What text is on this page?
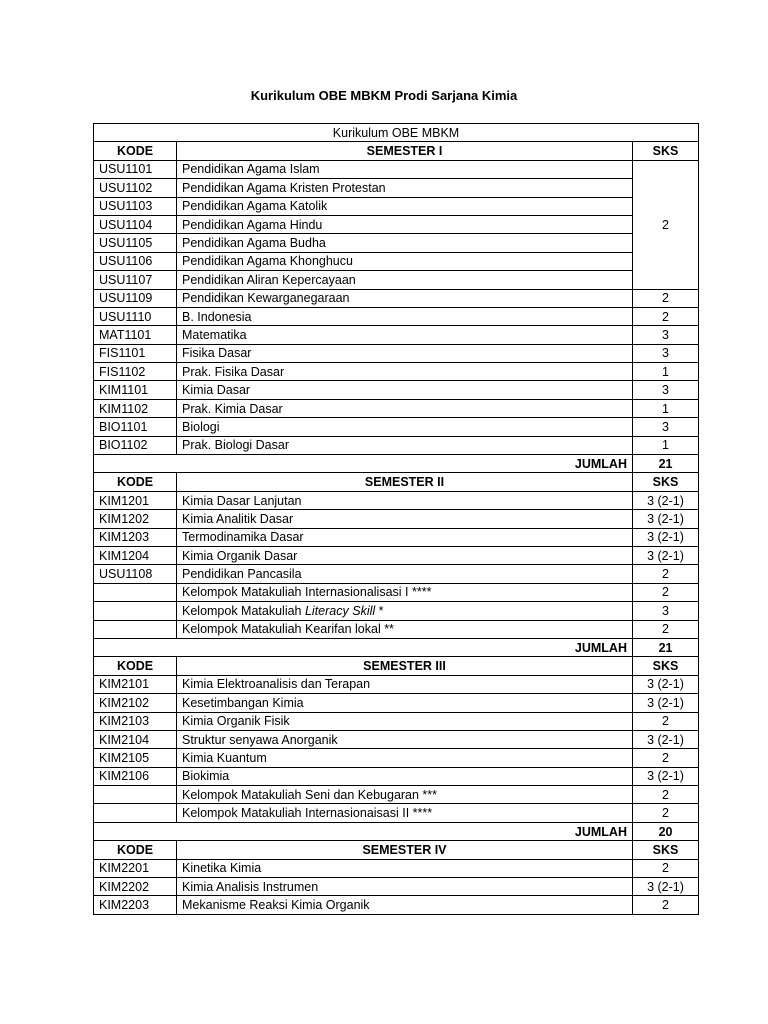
Kurikulum OBE MBKM Prodi Sarjana Kimia
Kurikulum OBE MBKM		
KODE	SEMESTER I	SKS
USU1101	Pendidikan Agama Islam	2
USU1102	Pendidikan Agama Kristen Protestan	
USU1103	Pendidikan Agama Katolik	
USU1104	Pendidikan Agama Hindu	
USU1105	Pendidikan Agama Budha	
USU1106	Pendidikan Agama Khonghucu	
USU1107	Pendidikan Aliran Kepercayaan	
USU1109	Pendidikan Kewarganegaraan	2
USU1110	B. Indonesia	2
MAT1101	Matematika	3
FIS1101	Fisika Dasar	3
FIS1102	Prak. Fisika Dasar	1
KIM1101	Kimia Dasar	3
KIM1102	Prak. Kimia Dasar	1
BIO1101	Biologi	3
BIO1102	Prak. Biologi Dasar	1
JUMLAH		21
KODE	SEMESTER II	SKS
KIM1201	Kimia Dasar Lanjutan	3 (2-1)
KIM1202	Kimia Analitik Dasar	3 (2-1)
KIM1203	Termodinamika Dasar	3 (2-1)
KIM1204	Kimia Organik Dasar	3 (2-1)
USU1108	Pendidikan Pancasila	2
	Kelompok Matakuliah Internasionalisasi I ****	2
	Kelompok Matakuliah Literacy Skill *	3
	Kelompok Matakuliah Kearifan lokal **	2
JUMLAH		21
KODE	SEMESTER III	SKS
KIM2101	Kimia Elektroanalisis dan Terapan	3 (2-1)
KIM2102	Kesetimbangan Kimia	3 (2-1)
KIM2103	Kimia Organik Fisik	2
KIM2104	Struktur senyawa Anorganik	3 (2-1)
KIM2105	Kimia Kuantum	2
KIM2106	Biokimia	3 (2-1)
	Kelompok Matakuliah Seni dan Kebugaran ***	2
	Kelompok Matakuliah Internasionaisasi II ****	2
JUMLAH		20
KODE	SEMESTER IV	SKS
KIM2201	Kinetika Kimia	2
KIM2202	Kimia Analisis Instrumen	3 (2-1)
KIM2203	Mekanisme Reaksi Kimia Organik	2
